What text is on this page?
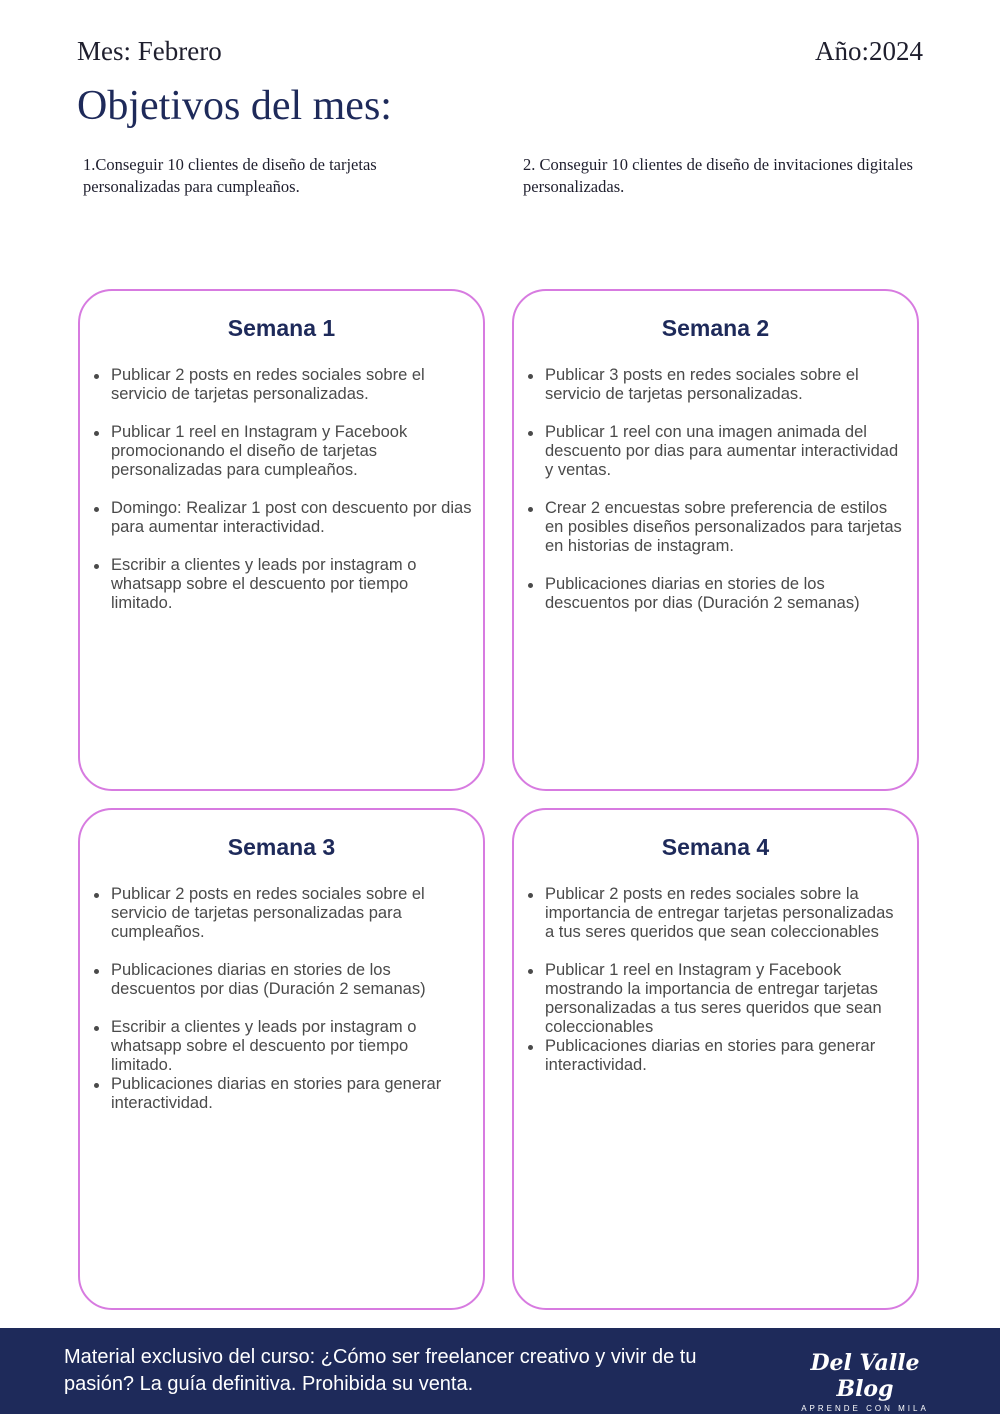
Mes: Febrero	Año:2024
Objetivos del mes:

1.Conseguir 10 clientes de diseño de tarjetas personalizadas para cumpleaños.

2. Conseguir 10 clientes de diseño de invitaciones digitales personalizadas.

Semana 1
Publicar 2 posts en redes sociales sobre el servicio de tarjetas personalizadas.
Publicar 1 reel en Instagram y Facebook promocionando el diseño de tarjetas personalizadas para cumpleaños.
Domingo: Realizar 1 post con descuento por dias para aumentar interactividad.
Escribir a clientes y leads por instagram o whatsapp sobre el descuento por tiempo limitado.
Semana 2
Publicar 3 posts en redes sociales sobre el servicio de tarjetas personalizadas.
Publicar 1 reel con una imagen animada del descuento por dias para aumentar interactividad y ventas.
Crear 2 encuestas sobre preferencia de estilos en posibles diseños personalizados para tarjetas en historias de instagram.
Publicaciones diarias en stories de los descuentos por dias (Duración 2 semanas)
Semana 3
Publicar 2 posts en redes sociales sobre el servicio de tarjetas personalizadas para cumpleaños.
Publicaciones diarias en stories de los descuentos por dias (Duración 2 semanas)
Escribir a clientes y leads por instagram o whatsapp sobre el descuento por tiempo limitado.
Publicaciones diarias en stories para generar interactividad.
Semana 4
Publicar 2 posts en redes sociales sobre la importancia de entregar tarjetas personalizadas a tus seres queridos que sean coleccionables
Publicar 1 reel en Instagram y Facebook mostrando la importancia de entregar tarjetas personalizadas a tus seres queridos que sean coleccionables
Publicaciones diarias en stories para generar interactividad.

Material exclusivo del curso: ¿Cómo ser freelancer creativo y vivir de tu pasión? La guía definitiva. Prohibida su venta.

Del Valle Blog
APRENDE CON MILA
